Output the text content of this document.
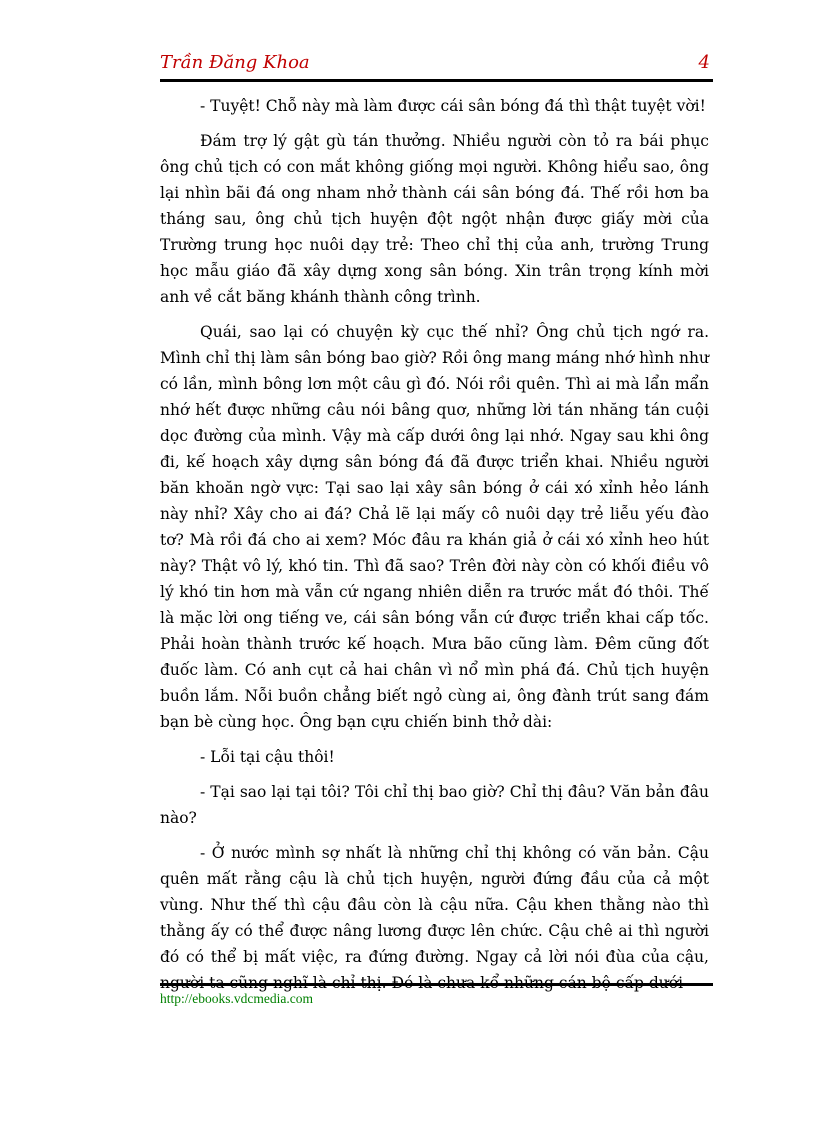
Trần Đăng Khoa	4

- Tuyệt! Chỗ này mà làm được cái sân bóng đá thì thật tuyệt vời!

Đám trợ lý gật gù tán thưởng. Nhiều người còn tỏ ra bái phục ông chủ tịch có con mắt không giống mọi người. Không hiểu sao, ông lại nhìn bãi đá ong nham nhở thành cái sân bóng đá. Thế rồi hơn ba tháng sau, ông chủ tịch huyện đột ngột nhận được giấy mời của Trường trung học nuôi dạy trẻ: Theo chỉ thị của anh, trường Trung học mẫu giáo đã xây dựng xong sân bóng. Xin trân trọng kính mời anh về cắt băng khánh thành công trình.

Quái, sao lại có chuyện kỳ cục thế nhỉ? Ông chủ tịch ngớ ra. Mình chỉ thị làm sân bóng bao giờ? Rồi ông mang máng nhớ hình như có lần, mình bông lơn một câu gì đó. Nói rồi quên. Thì ai mà lẩn mẩn nhớ hết được những câu nói bâng quơ, những lời tán nhăng tán cuội dọc đường của mình. Vậy mà cấp dưới ông lại nhớ. Ngay sau khi ông đi, kế hoạch xây dựng sân bóng đá đã được triển khai. Nhiều người băn khoăn ngờ vực: Tại sao lại xây sân bóng ở cái xó xỉnh hẻo lánh này nhỉ? Xây cho ai đá? Chả lẽ lại mấy cô nuôi dạy trẻ liễu yếu đào tơ? Mà rồi đá cho ai xem? Móc đâu ra khán giả ở cái xó xỉnh heo hút này? Thật vô lý, khó tin. Thì đã sao? Trên đời này còn có khối điều vô lý khó tin hơn mà vẫn cứ ngang nhiên diễn ra trước mắt đó thôi. Thế là mặc lời ong tiếng ve, cái sân bóng vẫn cứ được triển khai cấp tốc. Phải hoàn thành trước kế hoạch. Mưa bão cũng làm. Đêm cũng đốt đuốc làm. Có anh cụt cả hai chân vì nổ mìn phá đá. Chủ tịch huyện buồn lắm. Nỗi buồn chẳng biết ngỏ cùng ai, ông đành trút sang đám bạn bè cùng học. Ông bạn cựu chiến binh thở dài:

- Lỗi tại cậu thôi!

- Tại sao lại tại tôi? Tôi chỉ thị bao giờ? Chỉ thị đâu? Văn bản đâu nào?

- Ở nước mình sợ nhất là những chỉ thị không có văn bản. Cậu quên mất rằng cậu là chủ tịch huyện, người đứng đầu của cả một vùng. Như thế thì cậu đâu còn là cậu nữa. Cậu khen thằng nào thì thằng ấy có thể được nâng lương được lên chức. Cậu chê ai thì người đó có thể bị mất việc, ra đứng đường. Ngay cả lời nói đùa của cậu, người ta cũng nghĩ là chỉ thị. Đó là chưa kể những cán bộ cấp dưới

http://ebooks.vdcmedia.com
